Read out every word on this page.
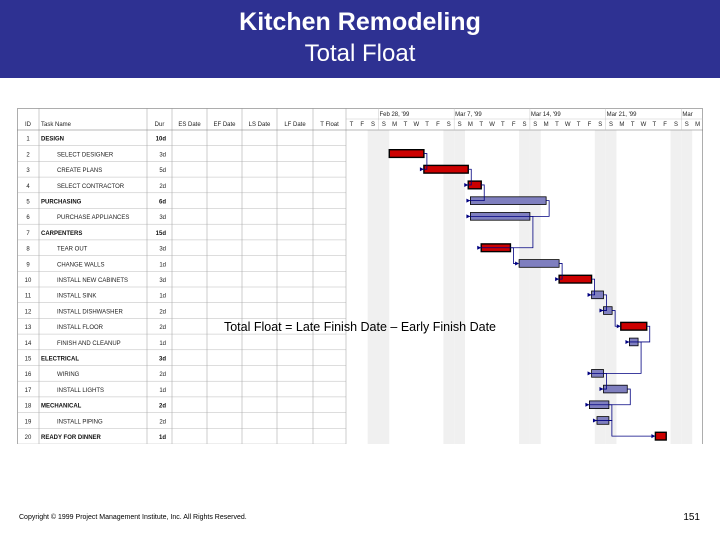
Kitchen Remodeling
Total Float
ID Task Name	Dur ES Date EF Date LS Date LF Date T Float
Feb 28, '99	Mar 7, '99	Mar 14, '99	Mar 21, '99	Mar
T F S S M T W T F S S M T W T F S S M T W T F S S M T W T F S S M
1 DESIGN	10d
2	SELECT DESIGNER	3d
3	CREATE PLANS	5d
4	SELECT CONTRACTOR	2d
5 PURCHASING	6d
6	PURCHASE APPLIANCES	3d
7 CARPENTERS	15d
8	TEAR OUT	3d
9	CHANGE WALLS	1d
10	INSTALL NEW CABINETS	3d
11	INSTALL SINK	1d
12	INSTALL DISHWASHER	2d
13	INSTALL FLOOR	2d
14	FINISH AND CLEANUP	1d
15 ELECTRICAL	3d
16	WIRING	2d
17	INSTALL LIGHTS	1d
18 MECHANICAL	2d
19	INSTALL PIPING	2d
20 READY FOR DINNER	1d
Total Float = Late Finish Date – Early Finish Date
Copyright © 1999 Project Management Institute, Inc. All Rights Reserved.	151
